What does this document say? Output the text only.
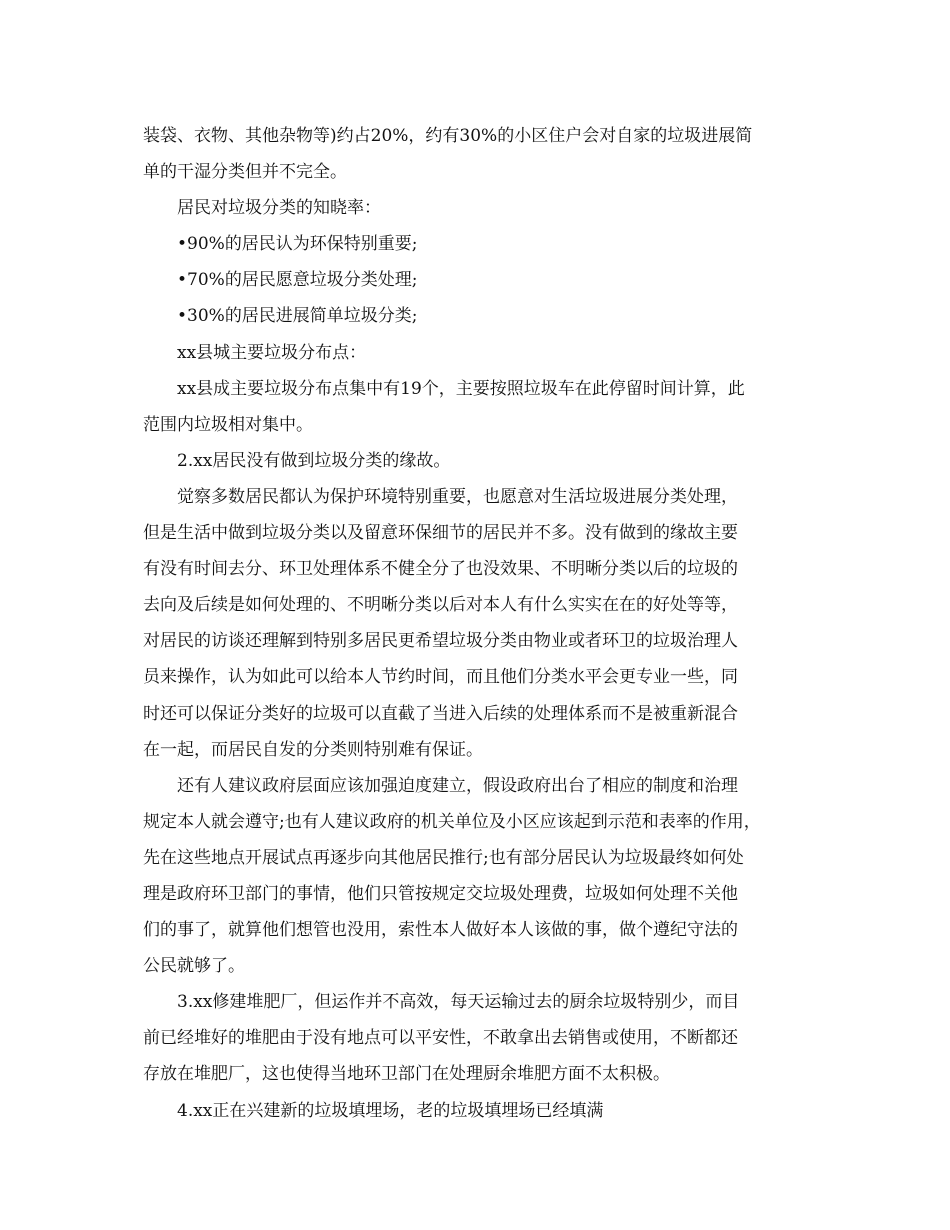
装袋、衣物、其他杂物等)约占20%，约有30%的小区住户会对自家的垃圾进展简
单的干湿分类但并不完全。
居民对垃圾分类的知晓率：
•90%的居民认为环保特别重要;
•70%的居民愿意垃圾分类处理;
•30%的居民进展简单垃圾分类;
xx县城主要垃圾分布点：
xx县成主要垃圾分布点集中有19个，主要按照垃圾车在此停留时间计算，此
范围内垃圾相对集中。
2.xx居民没有做到垃圾分类的缘故。
觉察多数居民都认为保护环境特别重要，也愿意对生活垃圾进展分类处理，
但是生活中做到垃圾分类以及留意环保细节的居民并不多。没有做到的缘故主要
有没有时间去分、环卫处理体系不健全分了也没效果、不明晰分类以后的垃圾的
去向及后续是如何处理的、不明晰分类以后对本人有什么实实在在的好处等等，
对居民的访谈还理解到特别多居民更希望垃圾分类由物业或者环卫的垃圾治理人
员来操作，认为如此可以给本人节约时间，而且他们分类水平会更专业一些，同
时还可以保证分类好的垃圾可以直截了当进入后续的处理体系而不是被重新混合
在一起，而居民自发的分类则特别难有保证。
还有人建议政府层面应该加强迫度建立，假设政府出台了相应的制度和治理
规定本人就会遵守;也有人建议政府的机关单位及小区应该起到示范和表率的作用，
先在这些地点开展试点再逐步向其他居民推行;也有部分居民认为垃圾最终如何处
理是政府环卫部门的事情，他们只管按规定交垃圾处理费，垃圾如何处理不关他
们的事了，就算他们想管也没用，索性本人做好本人该做的事，做个遵纪守法的
公民就够了。
3.xx修建堆肥厂，但运作并不高效，每天运输过去的厨余垃圾特别少，而目
前已经堆好的堆肥由于没有地点可以平安性，不敢拿出去销售或使用，不断都还
存放在堆肥厂，这也使得当地环卫部门在处理厨余堆肥方面不太积极。
4.xx正在兴建新的垃圾填埋场，老的垃圾填埋场已经填满
